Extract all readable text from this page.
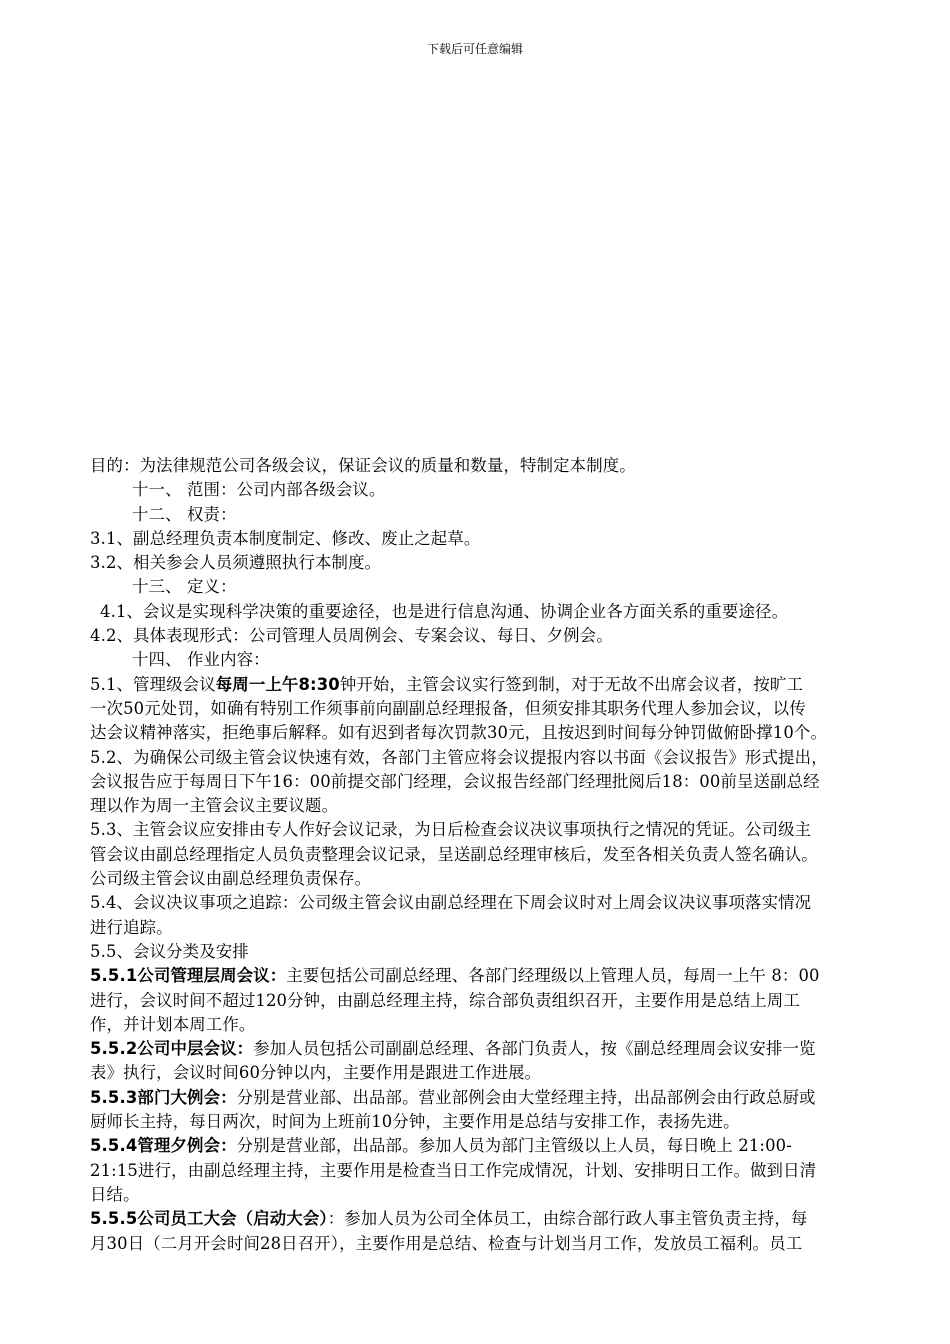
下载后可任意编辑
目的：为法律规范公司各级会议，保证会议的质量和数量，特制定本制度。
十一、 范围：公司内部各级会议。
十二、 权责：
3.1、副总经理负责本制度制定、修改、废止之起草。
3.2、相关参会人员须遵照执行本制度。
十三、 定义：
4.1、会议是实现科学决策的重要途径，也是进行信息沟通、协调企业各方面关系的重要途径。
4.2、具体表现形式：公司管理人员周例会、专案会议、每日、夕例会。
十四、 作业内容：
5.1、管理级会议每周一上午8:30钟开始，主管会议实行签到制，对于无故不出席会议者，按旷工
一次50元处罚，如确有特别工作须事前向副副总经理报备，但须安排其职务代理人参加会议，以传
达会议精神落实，拒绝事后解释。如有迟到者每次罚款30元，且按迟到时间每分钟罚做俯卧撑10个。
5.2、为确保公司级主管会议快速有效，各部门主管应将会议提报内容以书面《会议报告》形式提出，
会议报告应于每周日下午16：00前提交部门经理，会议报告经部门经理批阅后18：00前呈送副总经
理以作为周一主管会议主要议题。
5.3、主管会议应安排由专人作好会议记录，为日后检查会议决议事项执行之情况的凭证。公司级主
管会议由副总经理指定人员负责整理会议记录，呈送副总经理审核后，发至各相关负责人签名确认。
公司级主管会议由副总经理负责保存。
5.4、会议决议事项之追踪：公司级主管会议由副总经理在下周会议时对上周会议决议事项落实情况
进行追踪。
5.5、会议分类及安排
5.5.1公司管理层周会议：主要包括公司副总经理、各部门经理级以上管理人员，每周一上午 8：00
进行，会议时间不超过120分钟，由副总经理主持，综合部负责组织召开，主要作用是总结上周工
作，并计划本周工作。
5.5.2公司中层会议：参加人员包括公司副副总经理、各部门负责人，按《副总经理周会议安排一览
表》执行，会议时间60分钟以内，主要作用是跟进工作进展。
5.5.3部门大例会：分别是营业部、出品部。营业部例会由大堂经理主持，出品部例会由行政总厨或
厨师长主持，每日两次，时间为上班前10分钟，主要作用是总结与安排工作，表扬先进。
5.5.4管理夕例会：分别是营业部，出品部。参加人员为部门主管级以上人员，每日晚上 21:00-
21:15进行，由副总经理主持，主要作用是检查当日工作完成情况，计划、安排明日工作。做到日清
日结。
5.5.5公司员工大会（启动大会）：参加人员为公司全体员工，由综合部行政人事主管负责主持，每
月30日（二月开会时间28日召开），主要作用是总结、检查与计划当月工作，发放员工福利。员工
